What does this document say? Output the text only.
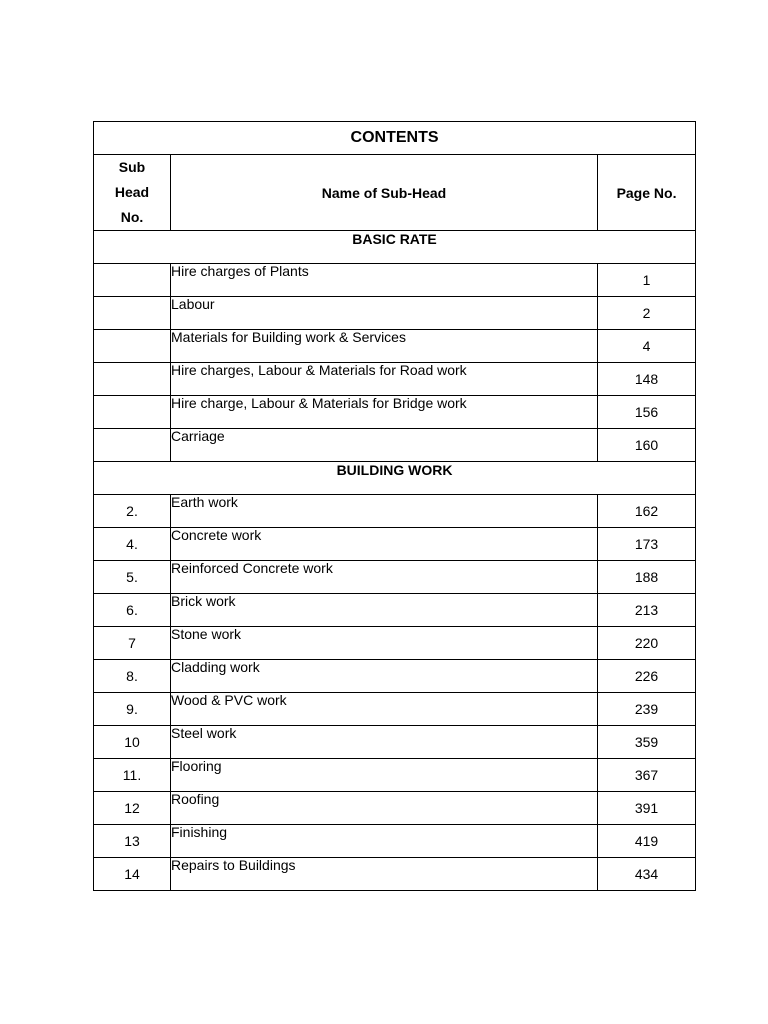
CONTENTS		

Sub
Head
No.	Name of Sub-Head	Page No.
BASIC RATE		
	Hire charges of Plants	1
	Labour	2
	Materials for Building work & Services	4
	Hire charges, Labour & Materials for Road work	148
	Hire charge, Labour & Materials for Bridge work	156
	Carriage	160
BUILDING WORK		
2.	Earth work	162
4.	Concrete work	173
5.	Reinforced Concrete work	188
6.	Brick work	213
7	Stone work	220
8.	Cladding work	226
9.	Wood & PVC work	239
10	Steel work	359
11.	Flooring	367
12	Roofing	391
13	Finishing	419
14	Repairs to Buildings	434
